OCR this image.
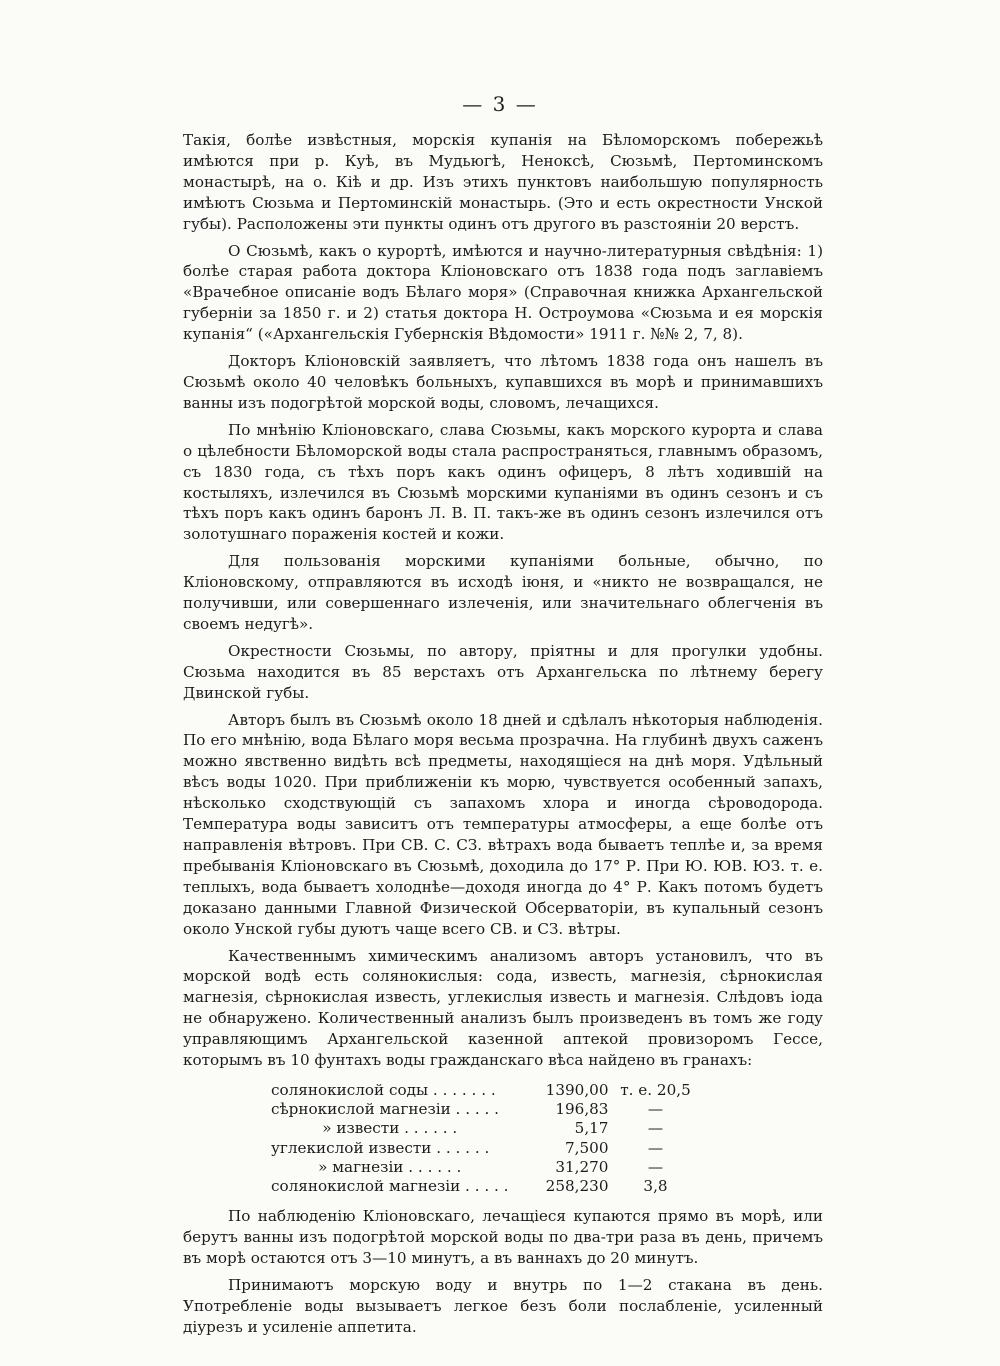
— 3 —

Такія, болѣе извѣстныя, морскія купанія на Бѣломорскомъ побережьѣ имѣются при р. Куѣ, въ Мудьюгѣ, Ненoксѣ, Сюзьмѣ, Пертоминскомъ монастырѣ, на о. Кіѣ и др. Изъ этихъ пунктовъ наибольшую популярность имѣютъ Сюзьма и Пертоминскій монастырь. (Это и есть окрестности Унской губы). Расположены эти пункты одинъ отъ другого въ разстояніи 20 верстъ.

О Сюзьмѣ, какъ о курортѣ, имѣются и научно-литературныя свѣдѣнія: 1) болѣе старая работа доктора Кліоновскаго отъ 1838 года подъ заглавіемъ «Врачебное описаніе водъ Бѣлаго моря» (Справочная книжка Архангельской губерніи за 1850 г. и 2) статья доктора Н. Остроумова «Сюзьма и ея морскія купанія“ («Архангельскія Губернскія Вѣдомости» 1911 г. №№ 2, 7, 8).

Докторъ Кліоновскій заявляетъ, что лѣтомъ 1838 года онъ нашелъ въ Сюзьмѣ около 40 человѣкъ больныхъ, купавшихся въ морѣ и принимавшихъ ванны изъ подогрѣтой морской воды, словомъ, лечащихся.

По мнѣнію Кліоновскаго, слава Сюзьмы, какъ морского курорта и слава о цѣлебности Бѣломорской воды стала распространяться, главнымъ образомъ, съ 1830 года, съ тѣхъ поръ какъ одинъ офицеръ, 8 лѣтъ ходившій на костыляхъ, излечился въ Сюзьмѣ морскими купаніями въ одинъ сезонъ и съ тѣхъ поръ какъ одинъ баронъ Л. В. П. такъ-же въ одинъ сезонъ излечился отъ золотушнаго пораженія костей и кожи.

Для пользованія морскими купаніями больные, обычно, по Кліоновскому, отправляются въ исходѣ іюня, и «никто не возвращался, не получивши, или совершеннаго излеченія, или значительнаго облегченія въ своемъ недугѣ».

Окрестности Сюзьмы, по автору, пріятны и для прогулки удобны. Сюзьма находится въ 85 верстахъ отъ Архангельска по лѣтнему берегу Двинской губы.

Авторъ былъ въ Сюзьмѣ около 18 дней и сдѣлалъ нѣкоторыя наблюденія. По его мнѣнію, вода Бѣлаго моря весьма прозрачна. На глубинѣ двухъ саженъ можно явственно видѣть всѣ предметы, находящіеся на днѣ моря. Удѣльный вѣсъ воды 1020. При приближеніи къ морю, чувствуется особенный запахъ, нѣсколько сходствующій съ запахомъ хлора и иногда сѣроводорода. Температура воды зависитъ отъ температуры атмосферы, а еще болѣе отъ направленія вѣтровъ. При СВ. С. СЗ. вѣтрахъ вода бываетъ теплѣе и, за время пребыванія Кліоновскаго въ Сюзьмѣ, доходила до 17° Р. При Ю. ЮВ. ЮЗ. т. е. теплыхъ, вода бываетъ холоднѣе—доходя иногда до 4° Р. Какъ потомъ будетъ доказано данными Главной Физической Обсерваторіи, въ купальный сезонъ около Унской губы дуютъ чаще всего СВ. и СЗ. вѣтры.

Качественнымъ химическимъ анализомъ авторъ установилъ, что въ морской водѣ есть солянокислыя: сода, известь, магнезія, сѣрнокислая магнезія, сѣрнокислая известь, углекислыя известь и магнезія. Слѣдовъ іода не обнаружено. Количественный анализъ былъ произведенъ въ томъ же году управляющимъ Архангельской казенной аптекой провизоромъ Гессе, которымъ въ 10 фунтахъ воды гражданскаго вѣса найдено въ гранахъ:

солянокислой соды . . . . . . .	1390,00	т. е. 20,5
сѣрнокислой магнезіи . . . . .	196,83	—
» извести . . . . . .	5,17	—
углекислой извести . . . . . .	7,500	—
» магнезіи . . . . . .	31,270	—
солянокислой магнезіи . . . . .	258,230	3,8

По наблюденію Кліоновскаго, лечащіеся купаются прямо въ морѣ, или берутъ ванны изъ подогрѣтой морской воды по два-три раза въ день, причемъ въ морѣ остаются отъ 3—10 минутъ, а въ ваннахъ до 20 минутъ.

Принимаютъ морскую воду и внутрь по 1—2 стакана въ день. Употребленіе воды вызываетъ легкое безъ боли послабленіе, усиленный діурезъ и усиленіе аппетита.
